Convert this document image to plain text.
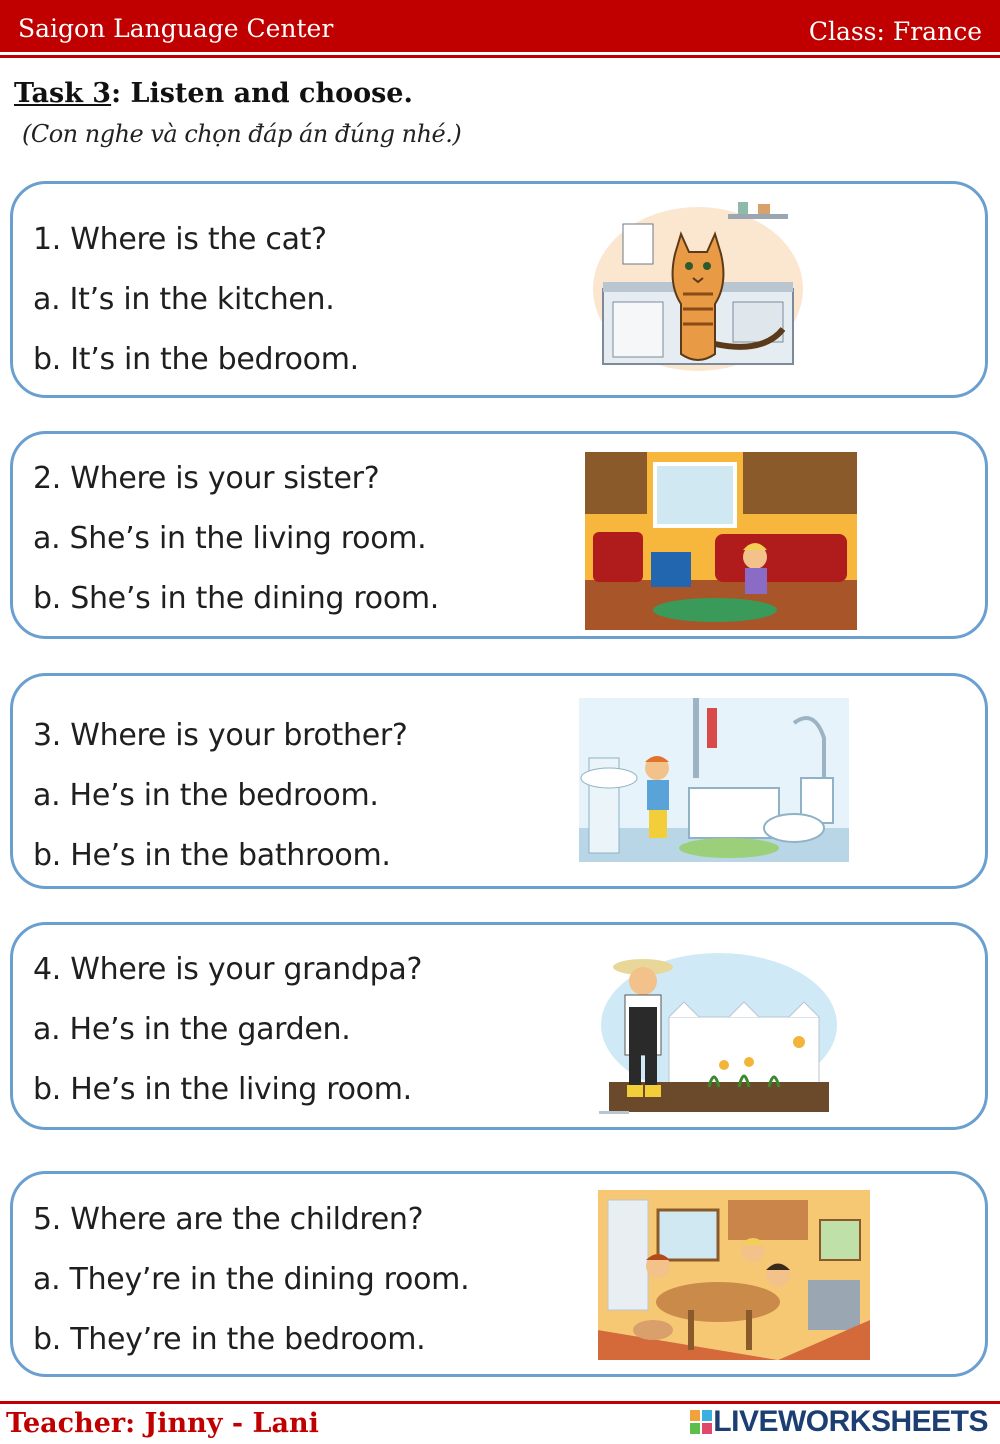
Saigon Language Center	Class: France
Task 3: Listen and choose.
(Con nghe và chọn đáp án đúng nhé.)
1. Where is the cat?
a. It’s in the kitchen.
b. It’s in the bedroom.
2. Where is your sister?
a. She’s in the living room.
b. She’s in the dining room.
3. Where is your brother?
a. He’s in the bedroom.
b. He’s in the bathroom.
4. Where is your grandpa?
a. He’s in the garden.
b. He’s in the living room.
5. Where are the children?
a. They’re in the dining room.
b. They’re in the bedroom.
Teacher: Jinny - Lani	LIVEWORKSHEETS
